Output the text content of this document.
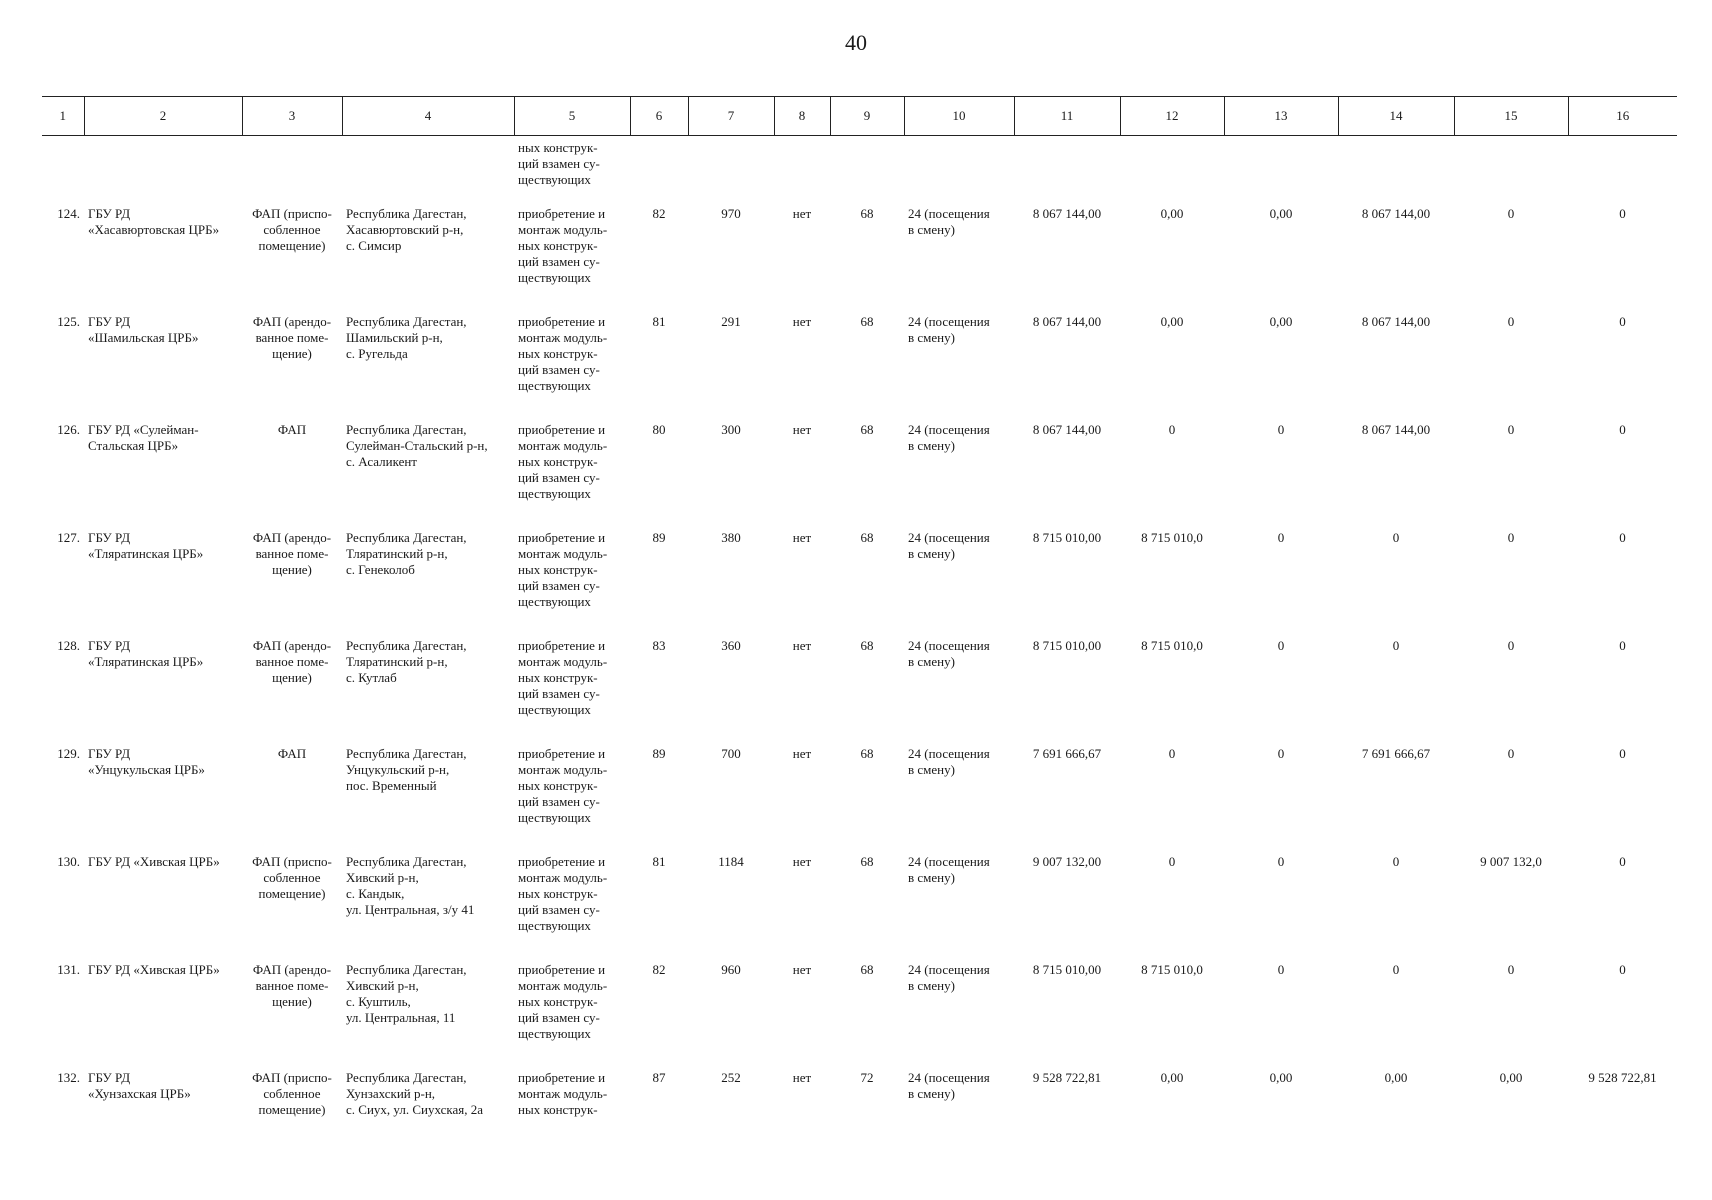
40
1	2	3	4	5	6	7	8	9	10	11	12	13	14	15	16
				ных конструк-
ций взамен су-
ществующих											
124.	ГБУ РД
«Хасавюртовская ЦРБ»	ФАП (приспо-
собленное
помещение)	Республика Дагестан,
Хасавюртовский р-н,
с. Симсир	приобретение и
монтаж модуль-
ных конструк-
ций взамен су-
ществующих	82	970	нет	68	24 (посещения
в смену)	8 067 144,00	0,00	0,00	8 067 144,00	0	0
125.	ГБУ РД
«Шамильская ЦРБ»	ФАП (арендо-
ванное поме-
щение)	Республика Дагестан,
Шамильский р-н,
с. Ругельда	приобретение и
монтаж модуль-
ных конструк-
ций взамен су-
ществующих	81	291	нет	68	24 (посещения
в смену)	8 067 144,00	0,00	0,00	8 067 144,00	0	0
126.	ГБУ РД «Сулейман-
Стальская ЦРБ»	ФАП	Республика Дагестан,
Сулейман-Стальский р-н,
с. Асаликент	приобретение и
монтаж модуль-
ных конструк-
ций взамен су-
ществующих	80	300	нет	68	24 (посещения
в смену)	8 067 144,00	0	0	8 067 144,00	0	0
127.	ГБУ РД
«Тляратинская ЦРБ»	ФАП (арендо-
ванное поме-
щение)	Республика Дагестан,
Тляратинский р-н,
с. Генеколоб	приобретение и
монтаж модуль-
ных конструк-
ций взамен су-
ществующих	89	380	нет	68	24 (посещения
в смену)	8 715 010,00	8 715 010,0	0	0	0	0
128.	ГБУ РД
«Тляратинская ЦРБ»	ФАП (арендо-
ванное поме-
щение)	Республика Дагестан,
Тляратинский р-н,
с. Кутлаб	приобретение и
монтаж модуль-
ных конструк-
ций взамен су-
ществующих	83	360	нет	68	24 (посещения
в смену)	8 715 010,00	8 715 010,0	0	0	0	0
129.	ГБУ РД
«Унцукульская ЦРБ»	ФАП	Республика Дагестан,
Унцукульский р-н,
пос. Временный	приобретение и
монтаж модуль-
ных конструк-
ций взамен су-
ществующих	89	700	нет	68	24 (посещения
в смену)	7 691 666,67	0	0	7 691 666,67	0	0
130.	ГБУ РД «Хивская ЦРБ»	ФАП (приспо-
собленное
помещение)	Республика Дагестан,
Хивский р-н,
с. Кандык,
ул. Центральная, з/у 41	приобретение и
монтаж модуль-
ных конструк-
ций взамен су-
ществующих	81	1184	нет	68	24 (посещения
в смену)	9 007 132,00	0	0	0	9 007 132,0	0
131.	ГБУ РД «Хивская ЦРБ»	ФАП (арендо-
ванное поме-
щение)	Республика Дагестан,
Хивский р-н,
с. Куштиль,
ул. Центральная, 11	приобретение и
монтаж модуль-
ных конструк-
ций взамен су-
ществующих	82	960	нет	68	24 (посещения
в смену)	8 715 010,00	8 715 010,0	0	0	0	0
132.	ГБУ РД
«Хунзахская ЦРБ»	ФАП (приспо-
собленное
помещение)	Республика Дагестан,
Хунзахский р-н,
с. Сиух, ул. Сиухская, 2а	приобретение и
монтаж модуль-
ных конструк-	87	252	нет	72	24 (посещения
в смену)	9 528 722,81	0,00	0,00	0,00	0,00	9 528 722,81
